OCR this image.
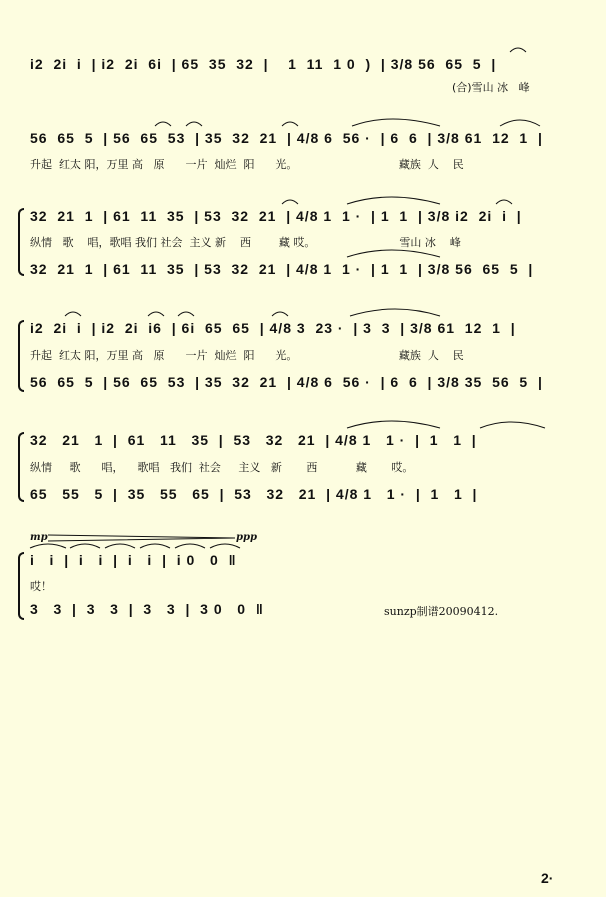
i2  2i  i  | i2  2i  6i  | 65  35  32  |    1  11  1 0  )  | 3/8 56  65  5  |
(合)雪山 冰   峰
56  65  5  | 56  65  53  | 35  32  21  | 4/8 6  56 ·  | 6  6  | 3/8 61  12  1  |
升起  红太 阳，万里 高   原      一片  灿烂  阳      光。                             藏族  人    民
32  21  1  | 61  11  35  | 53  32  21  | 4/8 1  1 ·  | 1  1  | 3/8 i2  2i  i  |
纵情   歌    唱，歌唱 我们 社会  主义 新    西        藏 哎。                        雪山 冰    峰
32  21  1  | 61  11  35  | 53  32  21  | 4/8 1  1 ·  | 1  1  | 3/8 56  65  5  |
i2  2i  i  | i2  2i  i6  | 6i  65  65  | 4/8 3  23 ·  | 3  3  | 3/8 61  12  1  |
升起  红太 阳，万里 高   原      一片  灿烂  阳      光。                             藏族  人    民
56  65  5  | 56  65  53  | 35  32  21  | 4/8 6  56 ·  | 6  6  | 3/8 35  56  5  |
32   21   1  |  61   11   35  |  53   32   21  | 4/8 1   1 ·  |  1   1  |
纵情     歌      唱，    歌唱   我们  社会     主义   新       西           藏       哎。
65   55   5  |  35   55   65  |  53   32   21  | 4/8 1   1 ·  |  1   1  |
mp	ppp
i   i  |  i   i  |  i   i  |  i 0   0  ‖
哎！
3   3  |  3   3  |  3   3  |  3 0   0  ‖	sunzp制谱20090412.
2·
